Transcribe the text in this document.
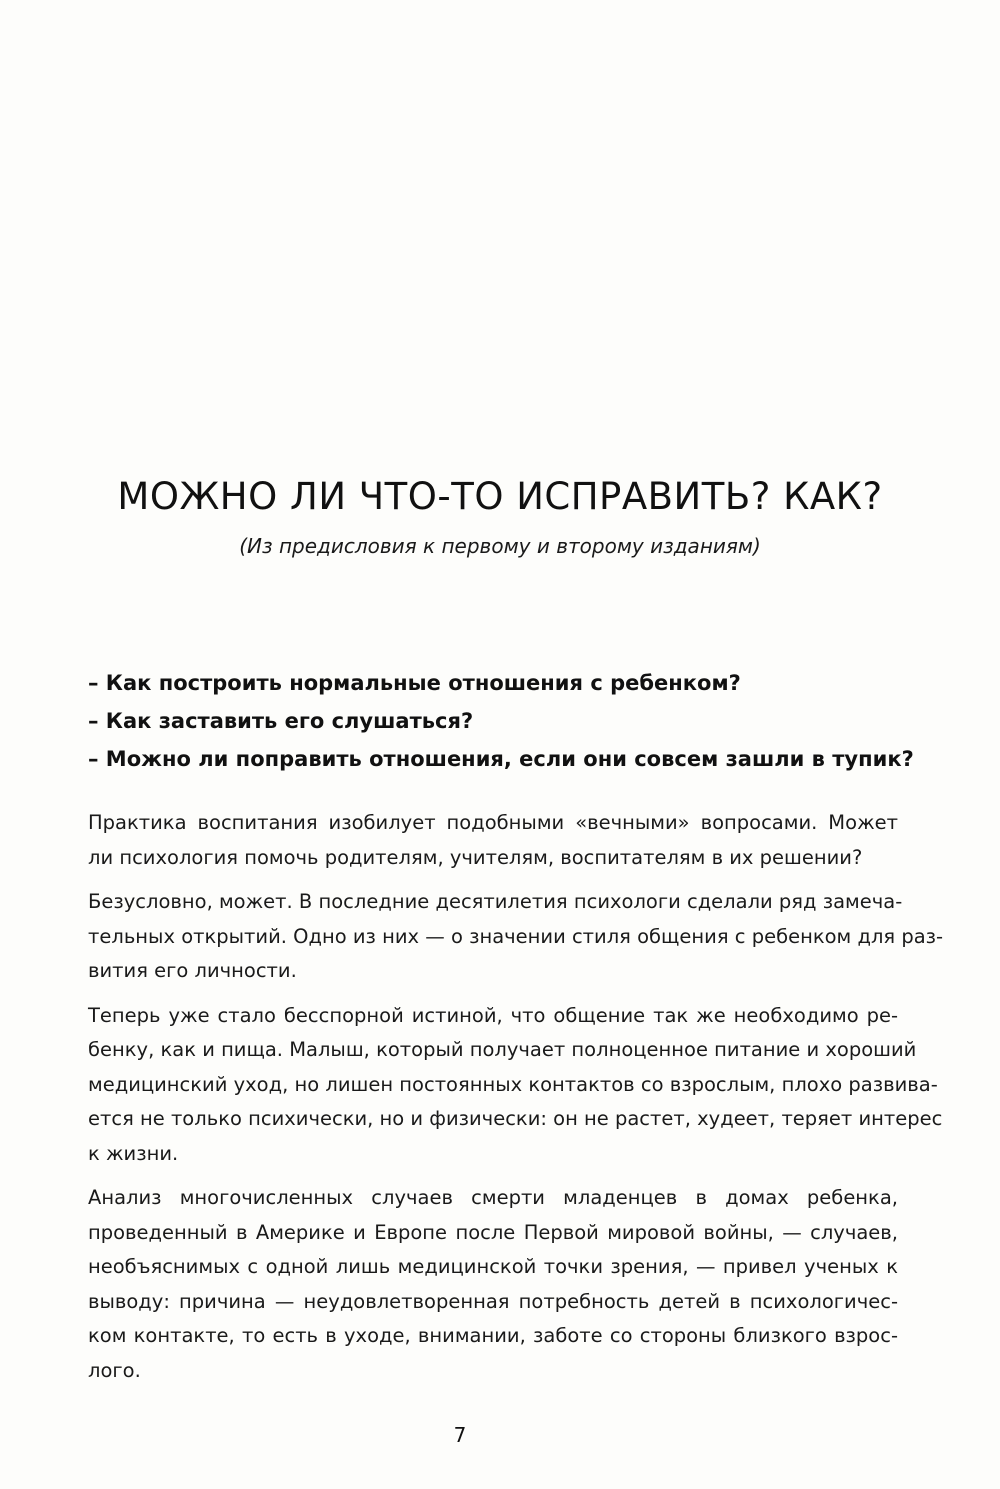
МОЖНО ЛИ ЧТО-ТО ИСПРАВИТЬ? КАК?
(Из предисловия к первому и второму изданиям)
– Как построить нормальные отношения с ребенком?
– Как заставить его слушаться?
– Можно ли поправить отношения, если они совсем зашли в тупик?

Практика воспитания изобилует подобными «вечными» вопросами. Может
ли психология помочь родителям, учителям, воспитателям в их решении?

Безусловно, может. В последние десятилетия психологи сделали ряд замеча-
тельных открытий. Одно из них — о значении стиля общения с ребенком для раз-
вития его личности.

Теперь уже стало бесспорной истиной, что общение так же необходимо ре-
бенку, как и пища. Малыш, который получает полноценное питание и хороший
медицинский уход, но лишен постоянных контактов со взрослым, плохо развива-
ется не только психически, но и физически: он не растет, худеет, теряет интерес
к жизни.

Анализ многочисленных случаев смерти младенцев в домах ребенка,
проведенный в Америке и Европе после Первой мировой войны, — случаев,
необъяснимых с одной лишь медицинской точки зрения, — привел ученых к
выводу: причина — неудовлетворенная потребность детей в психологичес-
ком контакте, то есть в уходе, внимании, заботе со стороны близкого взрос-
лого.

7
